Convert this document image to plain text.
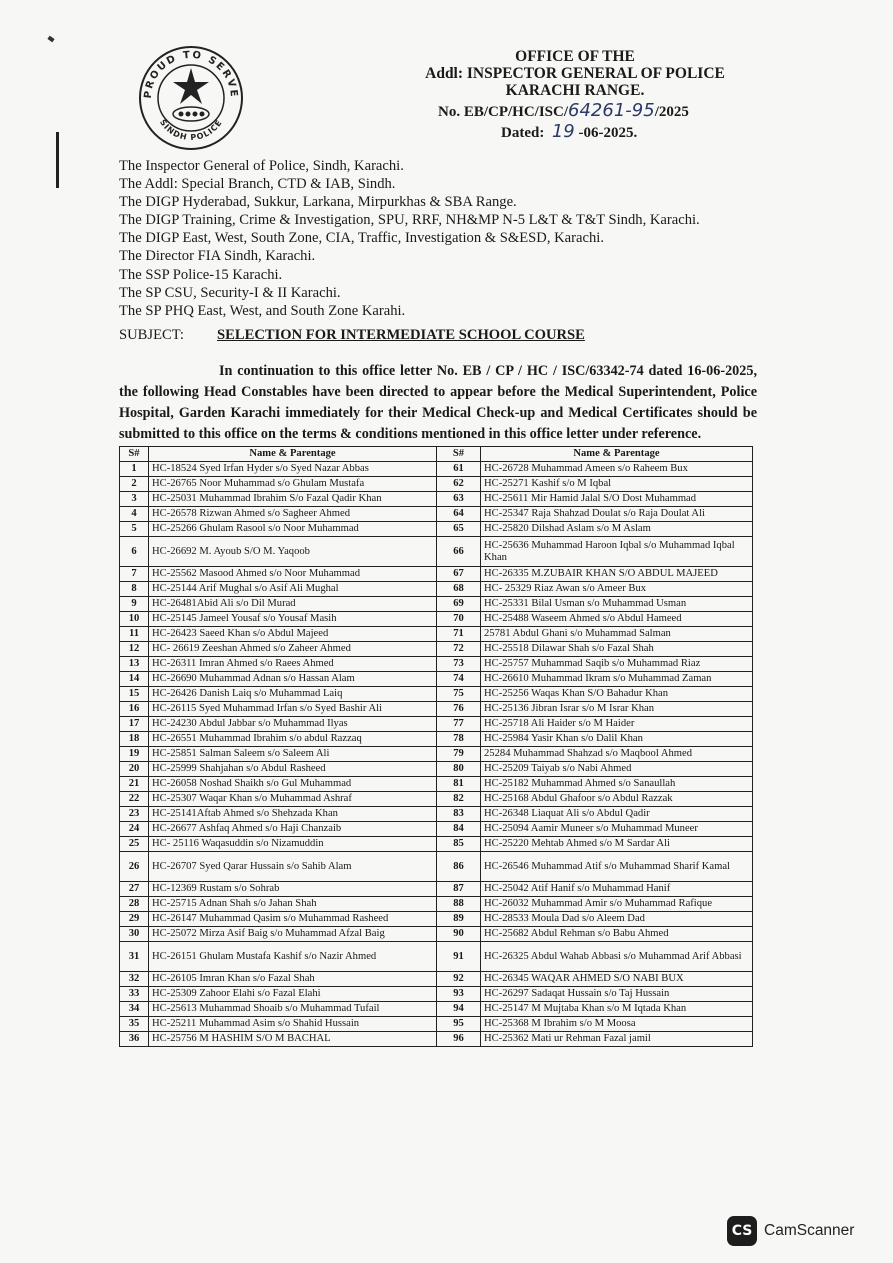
PROUD TO SERVE
SINDH POLICE
OFFICE OF THE
Addl: INSPECTOR GENERAL OF POLICE
KARACHI RANGE.
No. EB/CP/HC/ISC/64261-95/2025
Dated: 19 -06-2025.
The Inspector General of Police, Sindh, Karachi.
The Addl: Special Branch, CTD & IAB, Sindh.
The DIGP Hyderabad, Sukkur, Larkana, Mirpurkhas & SBA Range.
The DIGP Training, Crime & Investigation, SPU, RRF, NH&MP N-5 L&T & T&T Sindh, Karachi.
The DIGP East, West, South Zone, CIA, Traffic, Investigation & S&ESD, Karachi.
The Director FIA Sindh, Karachi.
The SSP Police-15 Karachi.
The SP CSU, Security-I & II Karachi.
The SP PHQ East, West, and South Zone Karahi.
SUBJECT: SELECTION FOR INTERMEDIATE SCHOOL COURSE
In continuation to this office letter No. EB / CP / HC / ISC/63342-74 dated 16-06-2025, the following Head Constables have been directed to appear before the Medical Superintendent, Police Hospital, Garden Karachi immediately for their Medical Check-up and Medical Certificates should be submitted to this office on the terms & conditions mentioned in this office letter under reference.
S#	Name & Parentage	S#	Name & Parentage
1	HC-18524 Syed Irfan Hyder s/o Syed Nazar Abbas	61	HC-26728 Muhammad Ameen s/o Raheem Bux
2	HC-26765 Noor Muhammad s/o Ghulam Mustafa	62	HC-25271 Kashif s/o M Iqbal
3	HC-25031 Muhammad Ibrahim S/o Fazal Qadir Khan	63	HC-25611 Mir Hamid Jalal S/O Dost Muhammad
4	HC-26578 Rizwan Ahmed s/o Sagheer Ahmed	64	HC-25347 Raja Shahzad Doulat s/o Raja Doulat Ali
5	HC-25266 Ghulam Rasool s/o Noor Muhammad	65	HC-25820 Dilshad Aslam s/o M Aslam
6	HC-26692 M. Ayoub S/O M. Yaqoob	66	HC-25636 Muhammad Haroon Iqbal s/o Muhammad Iqbal Khan
7	HC-25562 Masood Ahmed s/o Noor Muhammad	67	HC-26335 M.ZUBAIR KHAN S/O ABDUL MAJEED
8	HC-25144 Arif Mughal s/o Asif Ali Mughal	68	HC- 25329 Riaz Awan s/o Ameer Bux
9	HC-26481Abid Ali s/o Dil Murad	69	HC-25331 Bilal Usman s/o Muhammad Usman
10	HC-25145 Jameel Yousaf s/o Yousaf Masih	70	HC-25488 Waseem Ahmed s/o Abdul Hameed
11	HC-26423 Saeed Khan s/o Abdul Majeed	71	25781 Abdul Ghani s/o Muhammad Salman
12	HC- 26619 Zeeshan Ahmed s/o Zaheer Ahmed	72	HC-25518 Dilawar Shah s/o Fazal Shah
13	HC-26311 Imran Ahmed s/o Raees Ahmed	73	HC-25757 Muhammad Saqib s/o Muhammad Riaz
14	HC-26690 Muhammad Adnan s/o Hassan Alam	74	HC-26610 Muhammad Ikram s/o Muhammad Zaman
15	HC-26426 Danish Laiq s/o Muhammad Laiq	75	HC-25256 Waqas Khan S/O Bahadur Khan
16	HC-26115 Syed Muhammad Irfan s/o Syed Bashir Ali	76	HC-25136 Jibran Israr s/o M Israr Khan
17	HC-24230 Abdul Jabbar s/o Muhammad Ilyas	77	HC-25718 Ali Haider s/o M Haider
18	HC-26551 Muhammad Ibrahim s/o abdul Razzaq	78	HC-25984 Yasir Khan s/o Dalil Khan
19	HC-25851 Salman Saleem s/o Saleem Ali	79	25284 Muhammad Shahzad s/o Maqbool Ahmed
20	HC-25999 Shahjahan s/o Abdul Rasheed	80	HC-25209 Taiyab s/o Nabi Ahmed
21	HC-26058 Noshad Shaikh s/o Gul Muhammad	81	HC-25182 Muhammad Ahmed s/o Sanaullah
22	HC-25307 Waqar Khan s/o Muhammad Ashraf	82	HC-25168 Abdul Ghafoor s/o Abdul Razzak
23	HC-25141Aftab Ahmed s/o Shehzada Khan	83	HC-26348 Liaquat Ali s/o Abdul Qadir
24	HC-26677 Ashfaq Ahmed s/o Haji Chanzaib	84	HC-25094 Aamir Muneer s/o Muhammad Muneer
25	HC- 25116 Waqasuddin s/o Nizamuddin	85	HC-25220 Mehtab Ahmed s/o M Sardar Ali
26	HC-26707 Syed Qarar Hussain s/o Sahib Alam	86	HC-26546 Muhammad Atif s/o Muhammad Sharif Kamal
27	HC-12369 Rustam s/o Sohrab	87	HC-25042 Atif Hanif s/o Muhammad Hanif
28	HC-25715 Adnan Shah s/o Jahan Shah	88	HC-26032 Muhammad Amir s/o Muhammad Rafique
29	HC-26147 Muhammad Qasim s/o Muhammad Rasheed	89	HC-28533 Moula Dad s/o Aleem Dad
30	HC-25072 Mirza Asif Baig s/o Muhammad Afzal Baig	90	HC-25682 Abdul Rehman s/o Babu Ahmed
31	HC-26151 Ghulam Mustafa Kashif s/o Nazir Ahmed	91	HC-26325 Abdul Wahab Abbasi s/o Muhammad Arif Abbasi
32	HC-26105 Imran Khan s/o Fazal Shah	92	HC-26345 WAQAR AHMED S/O NABI BUX
33	HC-25309 Zahoor Elahi s/o Fazal Elahi	93	HC-26297 Sadaqat Hussain s/o Taj Hussain
34	HC-25613 Muhammad Shoaib s/o Muhammad Tufail	94	HC-25147 M Mujtaba Khan s/o M Iqtada Khan
35	HC-25211 Muhammad Asim s/o Shahid Hussain	95	HC-25368 M Ibrahim s/o M Moosa
36	HC-25756 M HASHIM S/O M BACHAL	96	HC-25362 Mati ur Rehman Fazal jamil
CS CamScanner
